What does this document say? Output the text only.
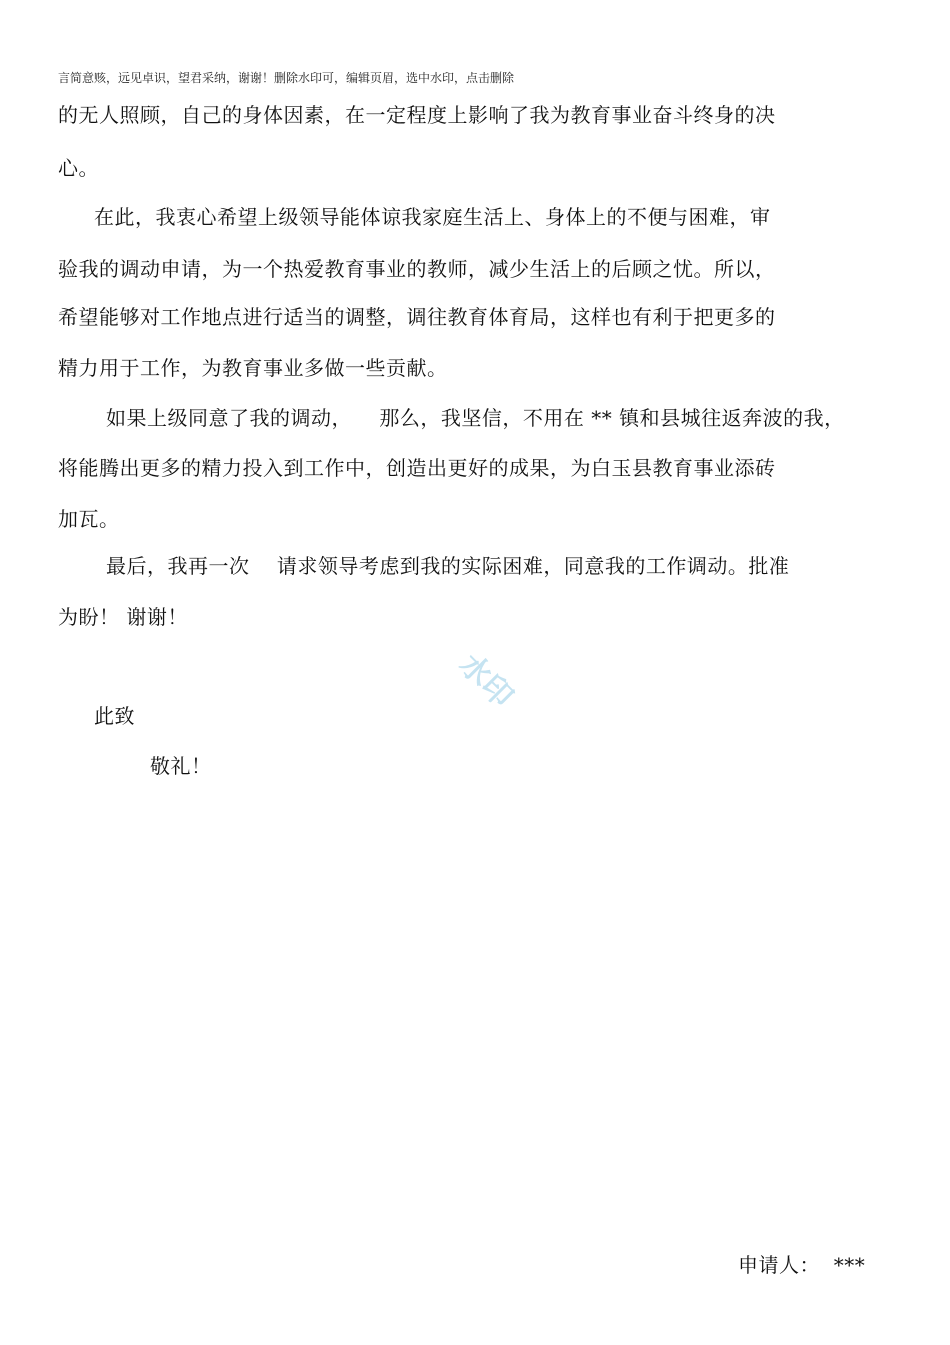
言简意赅，远见卓识，望君采纳，谢谢！删除水印可，编辑页眉，选中水印，点击删除
的无人照顾，自己的身体因素，在一定程度上影响了我为教育事业奋斗终身的决
心。
在此，我衷心希望上级领导能体谅我家庭生活上、身体上的不便与困难，审
验我的调动申请，为一个热爱教育事业的教师，减少生活上的后顾之忧。所以，
希望能够对工作地点进行适当的调整，调往教育体育局，这样也有利于把更多的
精力用于工作，为教育事业多做一些贡献。
如果上级同意了我的调动，    那么，我坚信，不用在 ** 镇和县城往返奔波的我，
将能腾出更多的精力投入到工作中，创造出更好的成果，为白玉县教育事业添砖
加瓦。
最后，我再一次    请求领导考虑到我的实际困难，同意我的工作调动。批准
为盼！ 谢谢！
水印
此致
敬礼！
申请人：  ***
